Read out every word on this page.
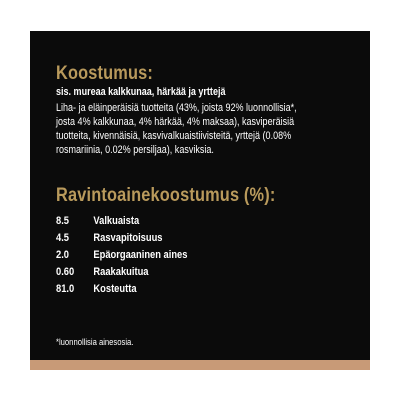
Koostumus:
sis. mureaa kalkkunaa, härkää ja yrttejä
Liha- ja eläinperäisiä tuotteita (43%, joista 92% luonnollisia*,
josta 4% kalkkunaa, 4% härkää, 4% maksaa), kasviperäisiä
tuotteita, kivennäisiä, kasvivalkuaistiivisteitä, yrttejä (0.08%
rosmariinia, 0.02% persiljaa), kasviksia.
Ravintoainekoostumus (%):
8.5 Valkuaista
4.5 Rasvapitoisuus
2.0 Epäorgaaninen aines
0.60 Raakakuitua
81.0 Kosteutta
*luonnollisia ainesosia.
